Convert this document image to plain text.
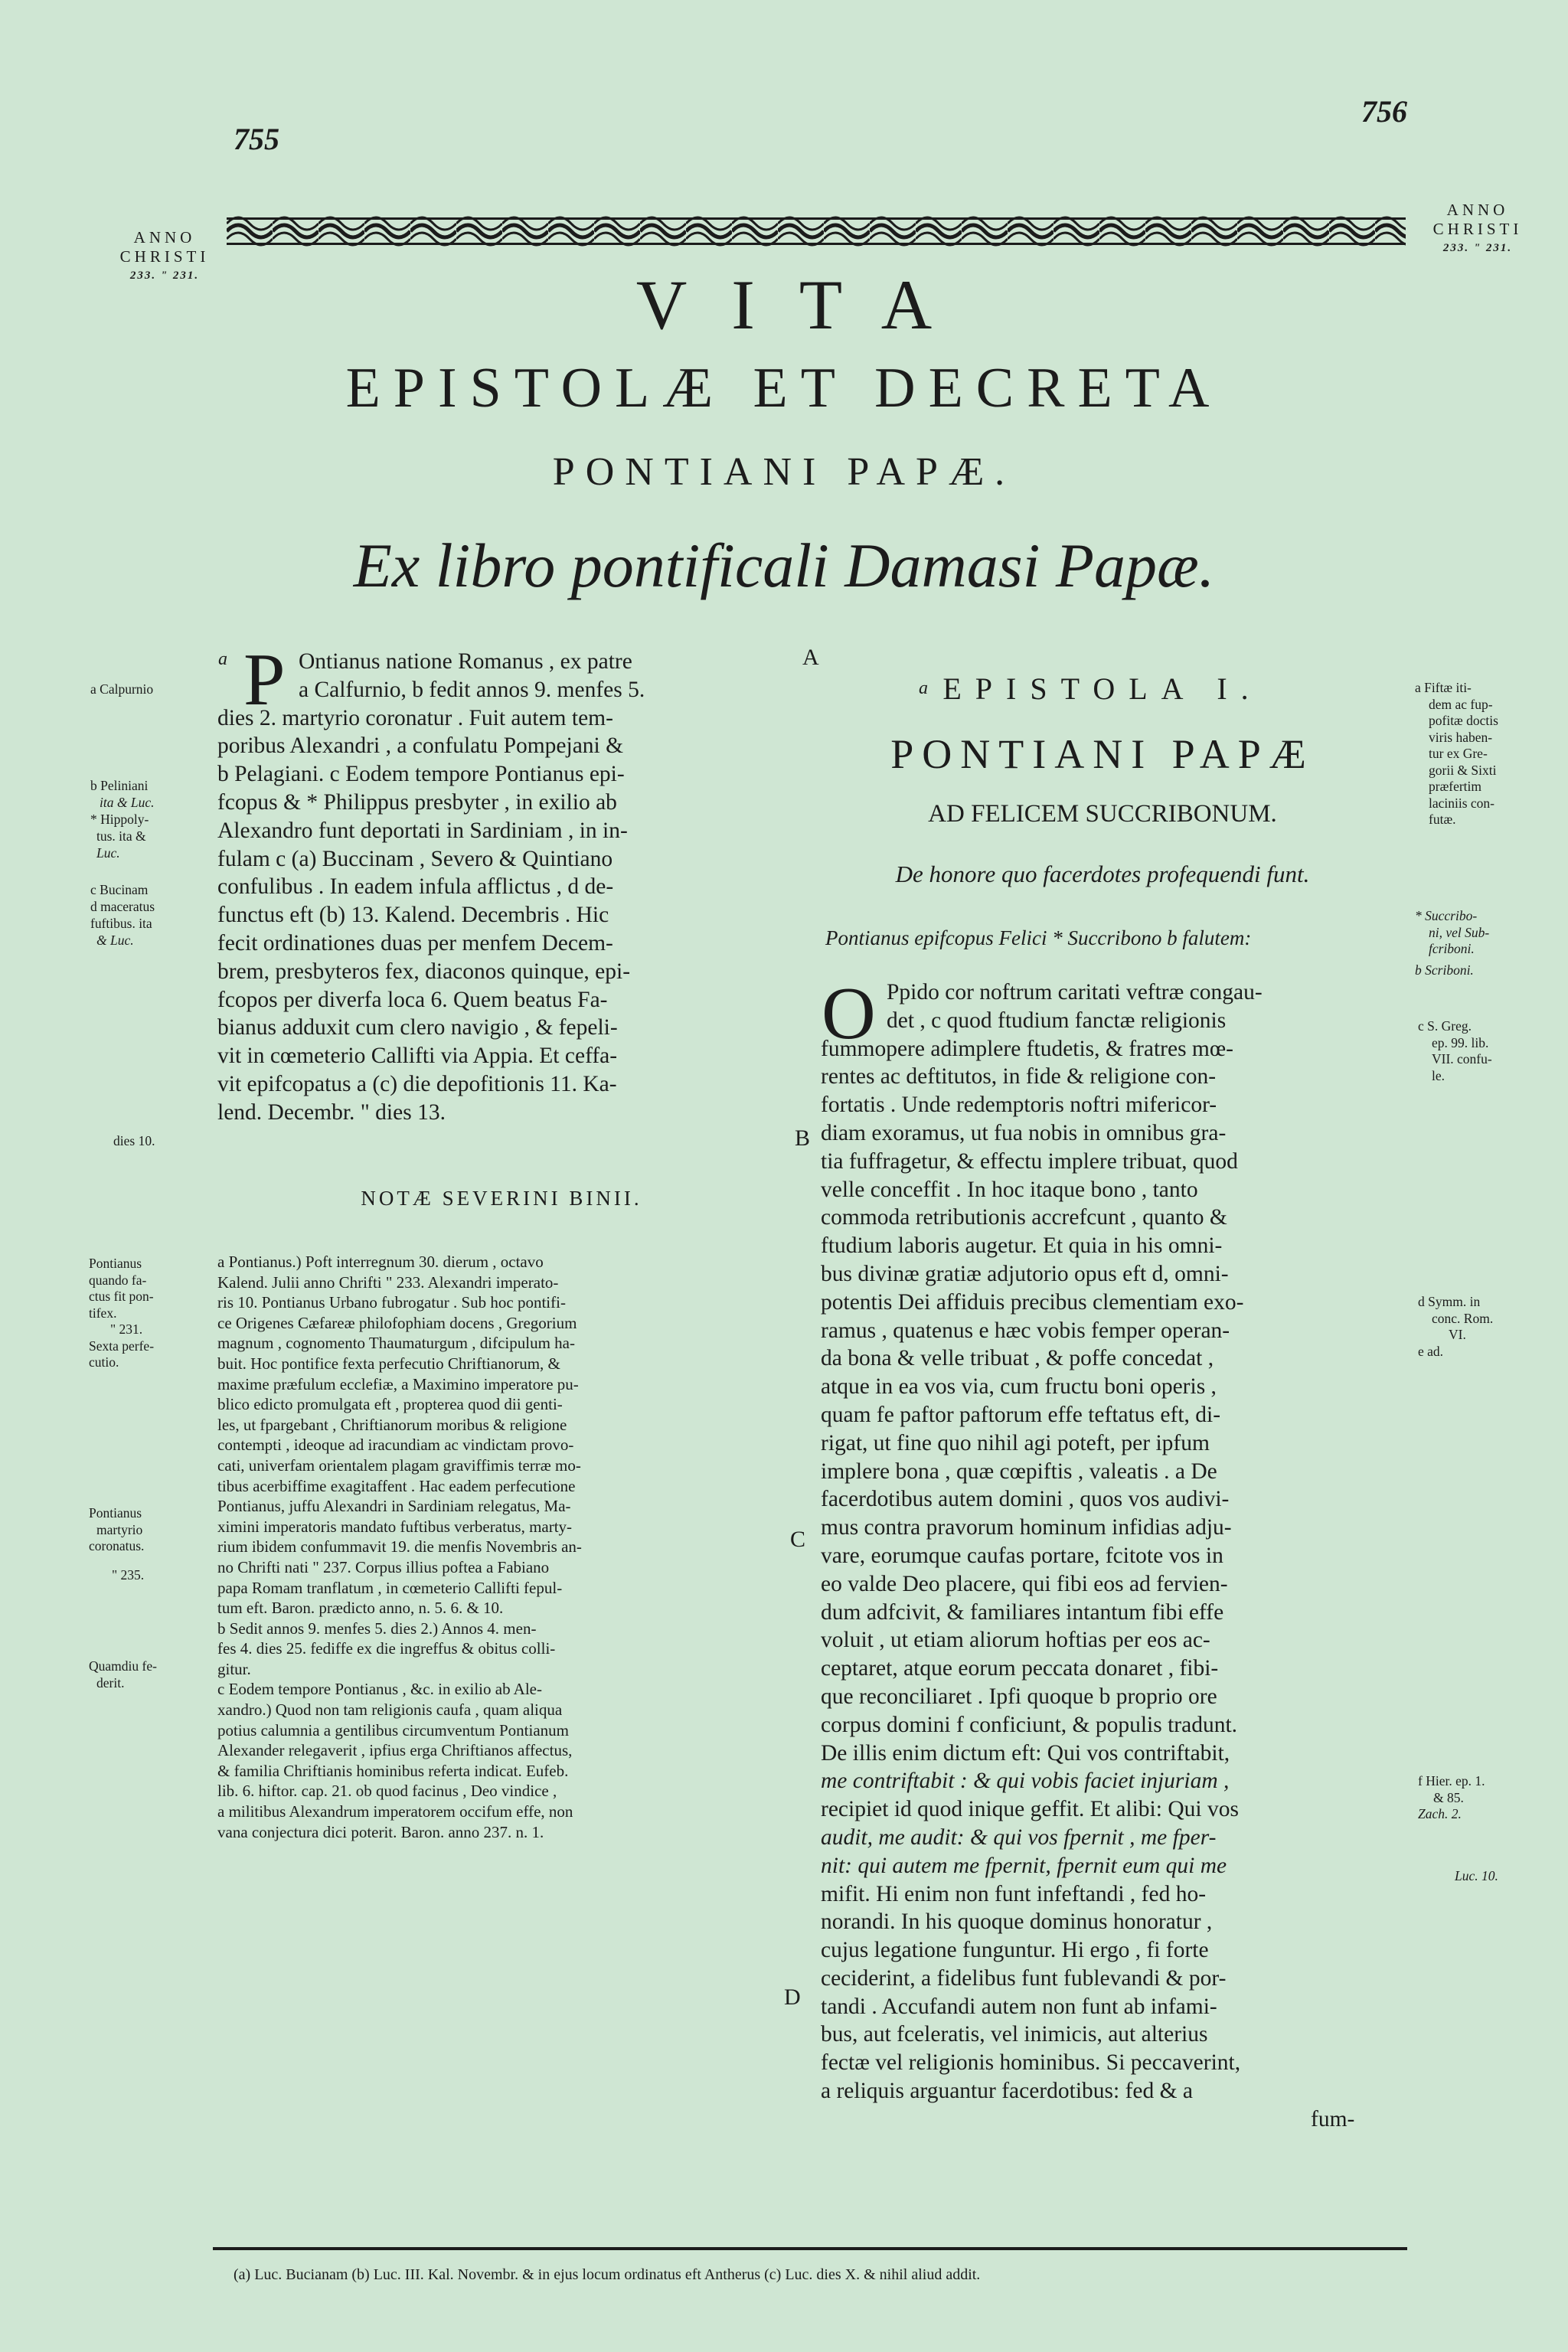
755
756
ANNO
CHRISTI
233. " 231.
ANNO
CHRISTI
233. " 231.
VITA
EPISTOLÆ ET DECRETA
PONTIANI PAPÆ.
Ex libro pontificali Damasi Papæ.
a P Ontianus natione Romanus , ex patre
a Calfurnio, b fedit annos 9. menfes 5.
dies 2. martyrio coronatur . Fuit autem tem-
poribus Alexandri , a confulatu Pompejani &
b Pelagiani. c Eodem tempore Pontianus epi-
fcopus & * Philippus presbyter , in exilio ab
Alexandro funt deportati in Sardiniam , in in-
fulam c (a) Buccinam , Severo & Quintiano
confulibus . In eadem infula afflictus , d de-
functus eft (b) 13. Kalend. Decembris . Hic
fecit ordinationes duas per menfem Decem-
brem, presbyteros fex, diaconos quinque, epi-
fcopos per diverfa loca 6. Quem beatus Fa-
bianus adduxit cum clero navigio , & fepeli-
vit in cœmeterio Callifti via Appia. Et ceffa-
vit epifcopatus a (c) die depofitionis 11. Ka-
lend. Decembr. " dies 13.
a Calpurnio
b Peliniani
ita & Luc.
* Hippoly-
tus. ita &
Luc.
c Bucinam
d maceratus
fuftibus. ita
& Luc.
dies 10.
A
B
C
D
NOTÆ SEVERINI BINII.
a Pontianus.) Poft interregnum 30. dierum , octavo
Kalend. Julii anno Chrifti " 233. Alexandri imperato-
ris 10. Pontianus Urbano fubrogatur . Sub hoc pontifi-
ce Origenes Cæfareæ philofophiam docens , Gregorium
magnum , cognomento Thaumaturgum , difcipulum ha-
buit. Hoc pontifice fexta perfecutio Chriftianorum, &
maxime præfulum ecclefiæ, a Maximino imperatore pu-
blico edicto promulgata eft , propterea quod dii genti-
les, ut fpargebant , Chriftianorum moribus & religione
contempti , ideoque ad iracundiam ac vindictam provo-
cati, univerfam orientalem plagam graviffimis terræ mo-
tibus acerbiffime exagitaffent . Hac eadem perfecutione
Pontianus, juffu Alexandri in Sardiniam relegatus, Ma-
ximini imperatoris mandato fuftibus verberatus, marty-
rium ibidem confummavit 19. die menfis Novembris an-
no Chrifti nati " 237. Corpus illius poftea a Fabiano
papa Romam tranflatum , in cœmeterio Callifti fepul-
tum eft. Baron. prædicto anno, n. 5. 6. & 10.
b Sedit annos 9. menfes 5. dies 2.) Annos 4. men-
fes 4. dies 25. fediffe ex die ingreffus & obitus colli-
gitur.
c Eodem tempore Pontianus , &c. in exilio ab Ale-
xandro.) Quod non tam religionis caufa , quam aliqua
potius calumnia a gentilibus circumventum Pontianum
Alexander relegaverit , ipfius erga Chriftianos affectus,
& familia Chriftianis hominibus referta indicat. Eufeb.
lib. 6. hiftor. cap. 21. ob quod facinus , Deo vindice ,
a militibus Alexandrum imperatorem occifum effe, non
vana conjectura dici poterit. Baron. anno 237. n. 1.
Pontianus
quando fa-
ctus fit pon-
tifex.
" 231.
Sexta perfe-
cutio.
Pontianus
martyrio
coronatus.
" 235.
Quamdiu fe-
derit.
a EPISTOLA I.
PONTIANI PAPÆ
AD FELICEM SUCCRIBONUM.
De honore quo facerdotes profequendi funt.
Pontianus epifcopus Felici * Succribono b falutem:
O Ppido cor noftrum caritati veftræ congau-
det , c quod ftudium fanctæ religionis
fummopere adimplere ftudetis, & fratres mœ-
rentes ac deftitutos, in fide & religione con-
fortatis . Unde redemptoris noftri mifericor-
diam exoramus, ut fua nobis in omnibus gra-
tia fuffragetur, & effectu implere tribuat, quod
velle conceffit . In hoc itaque bono , tanto
commoda retributionis accrefcunt , quanto &
ftudium laboris augetur. Et quia in his omni-
bus divinæ gratiæ adjutorio opus eft d, omni-
potentis Dei affiduis precibus clementiam exo-
ramus , quatenus e hæc vobis femper operan-
da bona & velle tribuat , & poffe concedat ,
atque in ea vos via, cum fructu boni operis ,
quam fe paftor paftorum effe teftatus eft, di-
rigat, ut fine quo nihil agi poteft, per ipfum
implere bona , quæ cœpiftis , valeatis . a De
facerdotibus autem domini , quos vos audivi-
mus contra pravorum hominum infidias adju-
vare, eorumque caufas portare, fcitote vos in
eo valde Deo placere, qui fibi eos ad fervien-
dum adfcivit, & familiares intantum fibi effe
voluit , ut etiam aliorum hoftias per eos ac-
ceptaret, atque eorum peccata donaret , fibi-
que reconciliaret . Ipfi quoque b proprio ore
corpus domini f conficiunt, & populis tradunt.
De illis enim dictum eft: Qui vos contriftabit,
me contriftabit : & qui vobis faciet injuriam ,
recipiet id quod inique geffit. Et alibi: Qui vos
audit, me audit: & qui vos fpernit , me fper-
nit: qui autem me fpernit, fpernit eum qui me
mifit. Hi enim non funt infeftandi , fed ho-
norandi. In his quoque dominus honoratur ,
cujus legatione funguntur. Hi ergo , fi forte
ceciderint, a fidelibus funt fublevandi & por-
tandi . Accufandi autem non funt ab infami-
bus, aut fceleratis, vel inimicis, aut alterius
fectæ vel religionis hominibus. Si peccaverint,
a reliquis arguantur facerdotibus: fed & a
fum-
a Fiftæ iti-
dem ac fup-
pofitæ doctis
viris haben-
tur ex Gre-
gorii & Sixti
præfertim
laciniis con-
futæ.
* Succribo-
ni, vel Sub-
fcriboni.
b Scriboni.
c S. Greg.
ep. 99. lib.
VII. confu-
le.
d Symm. in
conc. Rom.
VI.
e ad.
f Hier. ep. 1.
& 85.
Zach. 2.
Luc. 10.
(a) Luc. Bucianam (b) Luc. III. Kal. Novembr. & in ejus locum ordinatus eft Antherus (c) Luc. dies X. & nihil aliud addit.
